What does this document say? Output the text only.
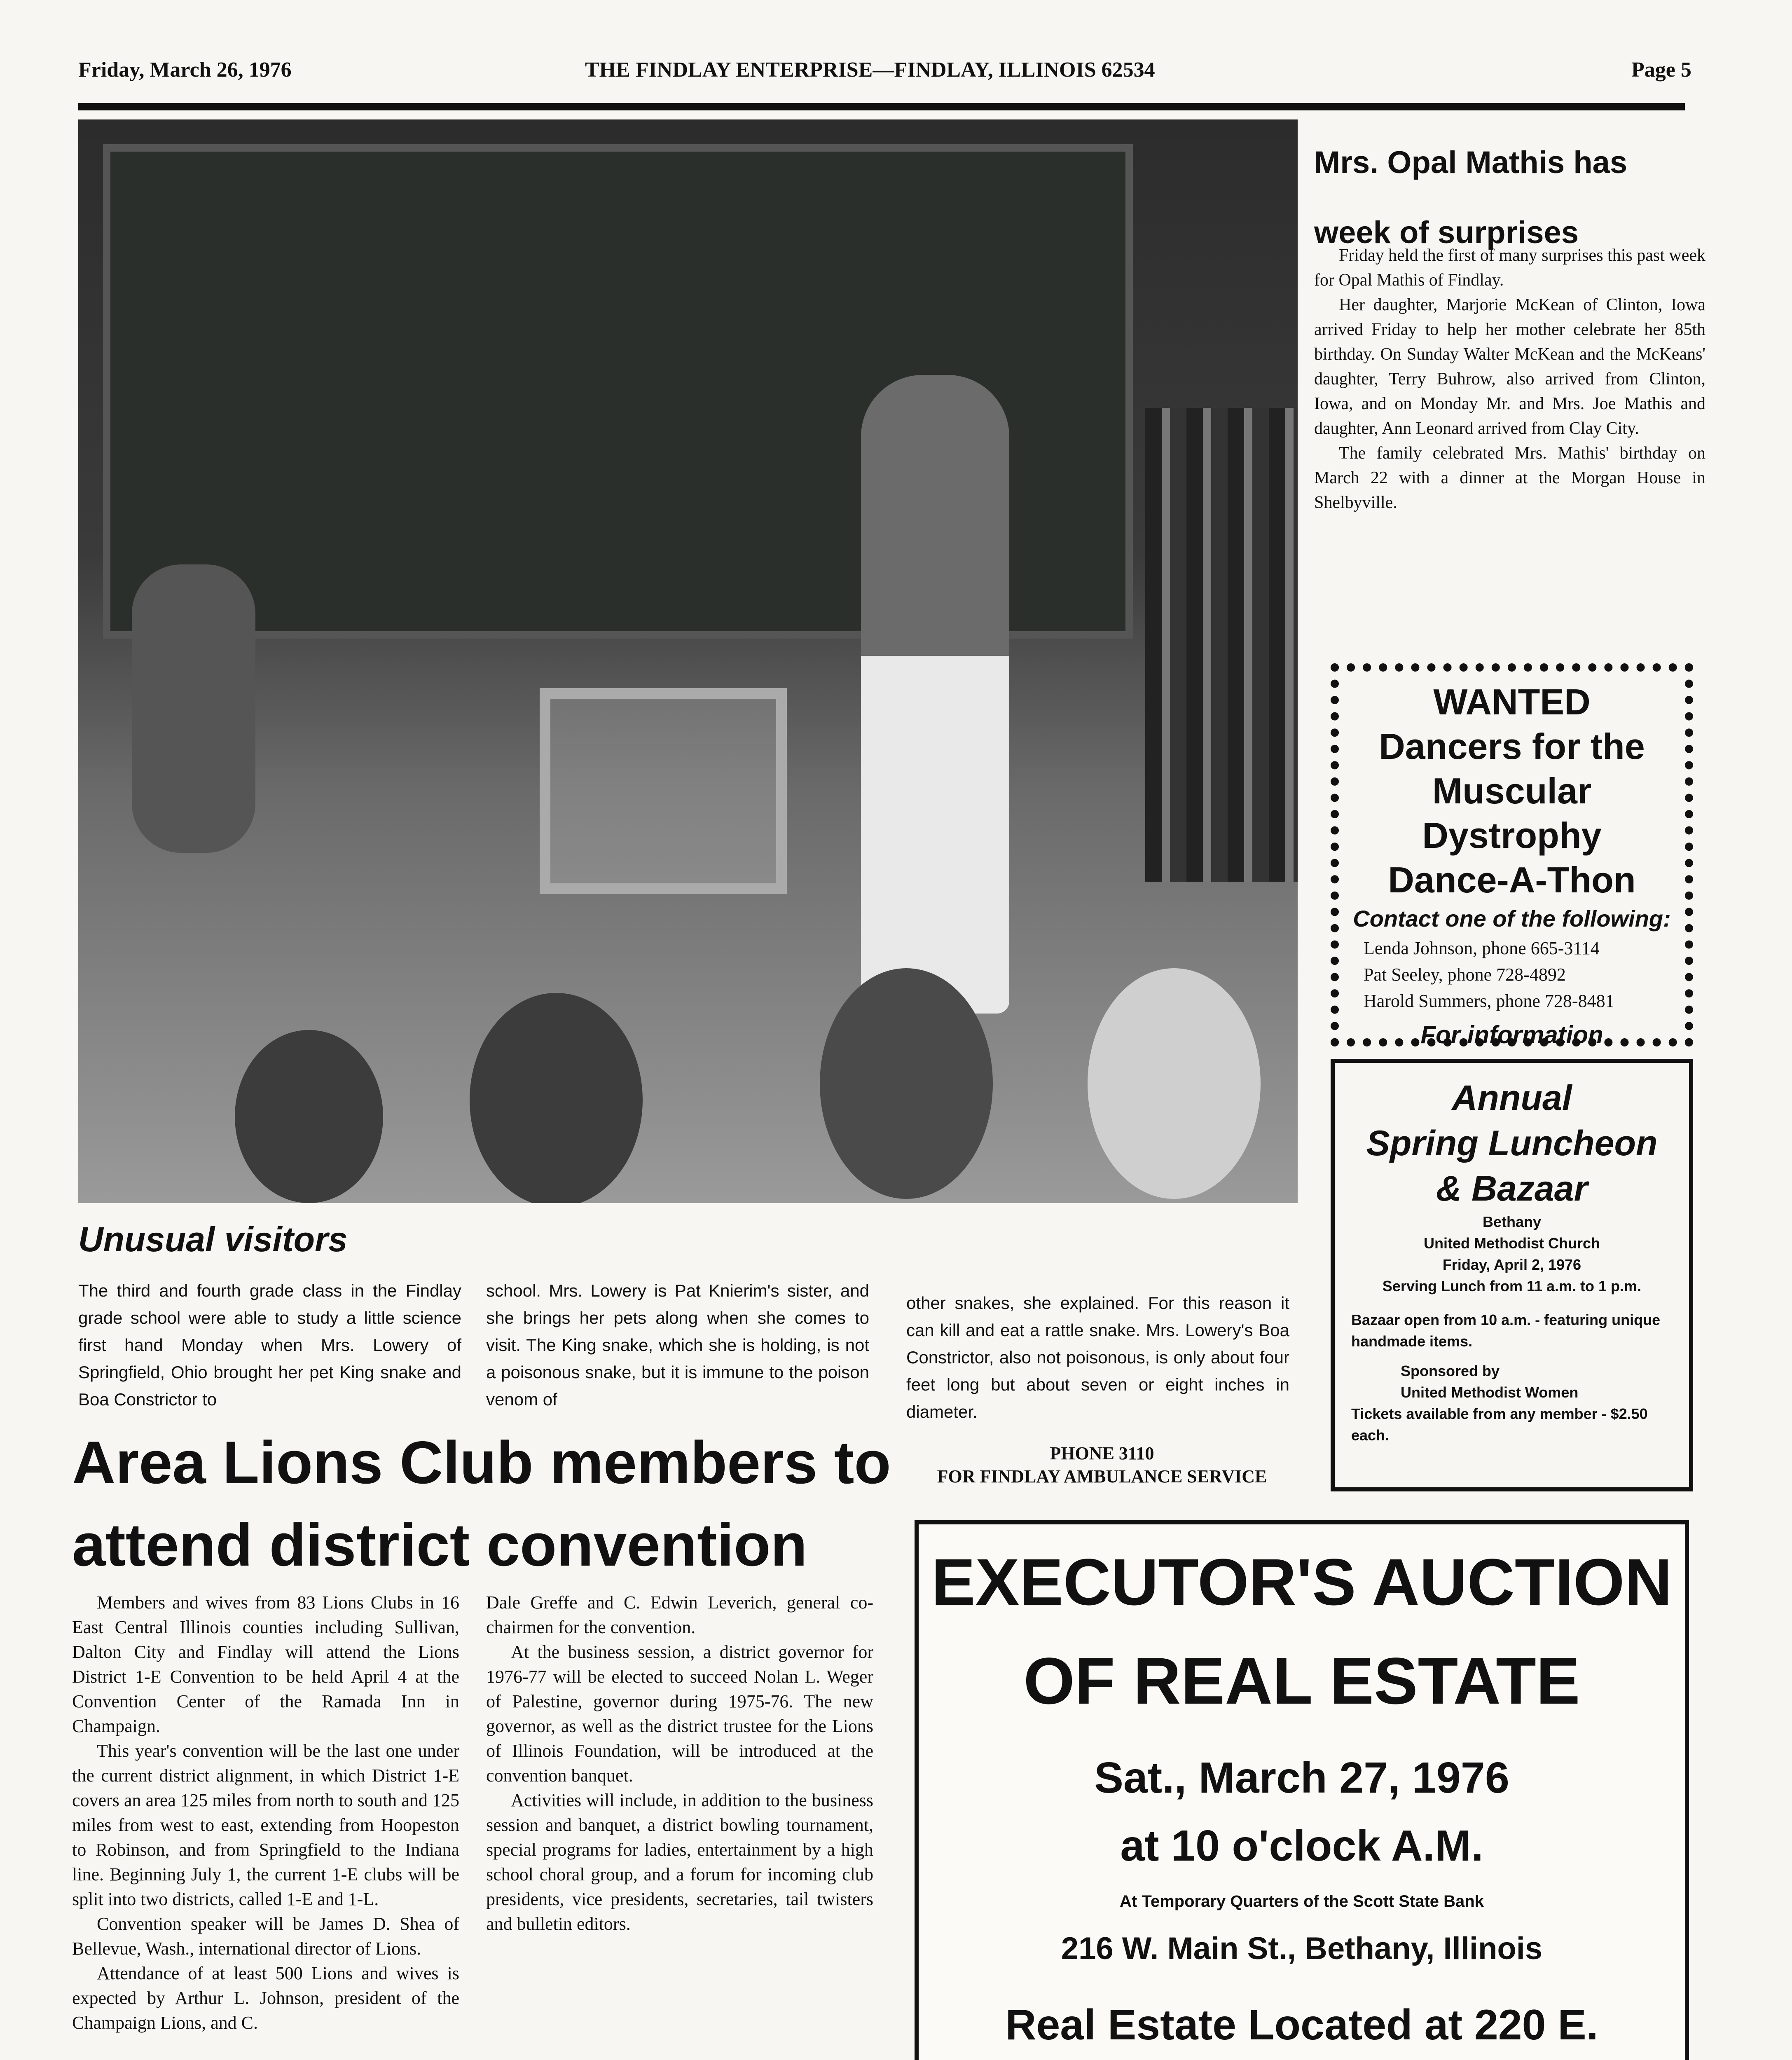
Friday, March 26, 1976	THE FINDLAY ENTERPRISE—FINDLAY, ILLINOIS 62534	Page 5
Unusual visitors
The third and fourth grade class in the Findlay grade school were able to study a little science first hand Monday when Mrs. Lowery of Springfield, Ohio brought her pet King snake and Boa Constrictor to
school. Mrs. Lowery is Pat Knierim's sister, and she brings her pets along when she comes to visit. The King snake, which she is holding, is not a poisonous snake, but it is immune to the poison venom of
other snakes, she explained. For this reason it can kill and eat a rattle snake. Mrs. Lowery's Boa Constrictor, also not poisonous, is only about four feet long but about seven or eight inches in diameter.
Mrs. Opal Mathis has week of surprises
Friday held the first of many surprises this past week for Opal Mathis of Findlay.
Her daughter, Marjorie McKean of Clinton, Iowa arrived Friday to help her mother celebrate her 85th birthday. On Sunday Walter McKean and the McKeans' daughter, Terry Buhrow, also arrived from Clinton, Iowa, and on Monday Mr. and Mrs. Joe Mathis and daughter, Ann Leonard arrived from Clay City.
The family celebrated Mrs. Mathis' birthday on March 22 with a dinner at the Morgan House in Shelbyville.
WANTED
Dancers for the
Muscular Dystrophy
Dance-A-Thon
Contact one of the following:
Lenda Johnson, phone 665-3114
Pat Seeley, phone 728-4892
Harold Summers, phone 728-8481
For information
Annual
Spring Luncheon
& Bazaar
Bethany
United Methodist Church
Friday, April 2, 1976
Serving Lunch from 11 a.m. to 1 p.m.
Bazaar open from 10 a.m. - featuring unique handmade items.
Sponsored by
United Methodist Women
Tickets available from any member - $2.50 each.
Area Lions Club members to attend district convention
Members and wives from 83 Lions Clubs in 16 East Central Illinois counties including Sullivan, Dalton City and Findlay will attend the Lions District 1-E Convention to be held April 4 at the Convention Center of the Ramada Inn in Champaign.
This year's convention will be the last one under the current district alignment, in which District 1-E covers an area 125 miles from north to south and 125 miles from west to east, extending from Hoopeston to Robinson, and from Springfield to the Indiana line. Beginning July 1, the current 1-E clubs will be split into two districts, called 1-E and 1-L.
Convention speaker will be James D. Shea of Bellevue, Wash., international director of Lions.
Attendance of at least 500 Lions and wives is expected by Arthur L. Johnson, president of the Champaign Lions, and C.
Dale Greffe and C. Edwin Leverich, general co-chairmen for the convention.
At the business session, a district governor for 1976-77 will be elected to succeed Nolan L. Weger of Palestine, governor during 1975-76. The new governor, as well as the district trustee for the Lions of Illinois Foundation, will be introduced at the convention banquet.
Activities will include, in addition to the business session and banquet, a district bowling tournament, special programs for ladies, entertainment by a high school choral group, and a forum for incoming club presidents, vice presidents, secretaries, tail twisters and bulletin editors.
PHONE 3110
FOR FINDLAY AMBULANCE SERVICE
EXECUTOR'S AUCTION
OF REAL ESTATE
Sat., March 27, 1976
at 10 o'clock A.M.
At Temporary Quarters of the Scott State Bank
216 W. Main St., Bethany, Illinois
Real Estate Located at 220 E.
